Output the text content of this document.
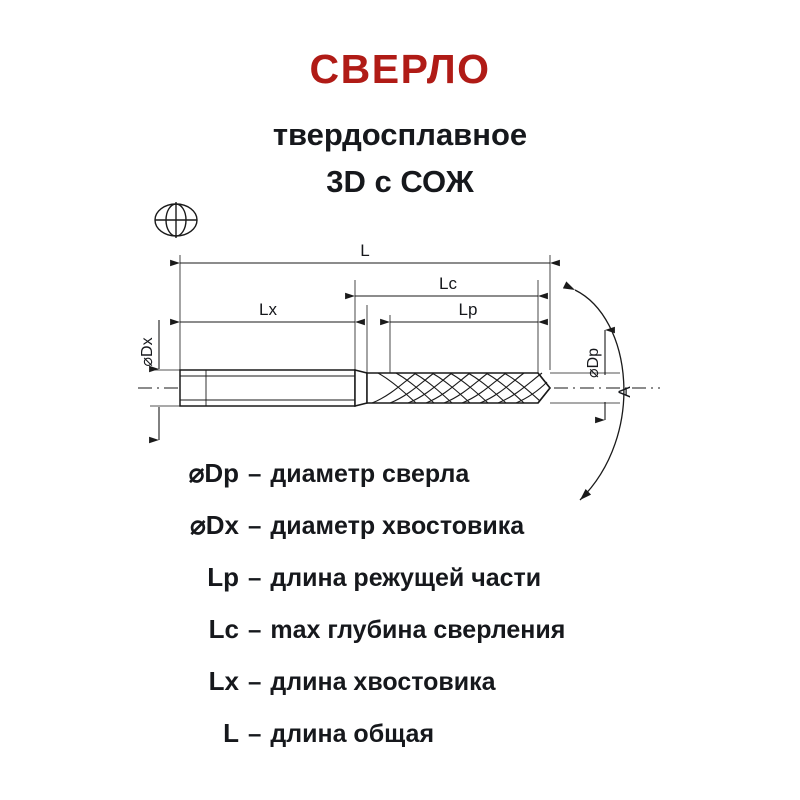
СВЕРЛО
твердосплавное
3D с СОЖ
A
⌀Dp
⌀Dx
L
Lc
Lx	Lp
⌀Dp – диаметр сверла
⌀Dx – диаметр хвостовика
Lp – длина режущей части
Lc – max глубина сверления
Lx – длина хвостовика
L – длина общая
